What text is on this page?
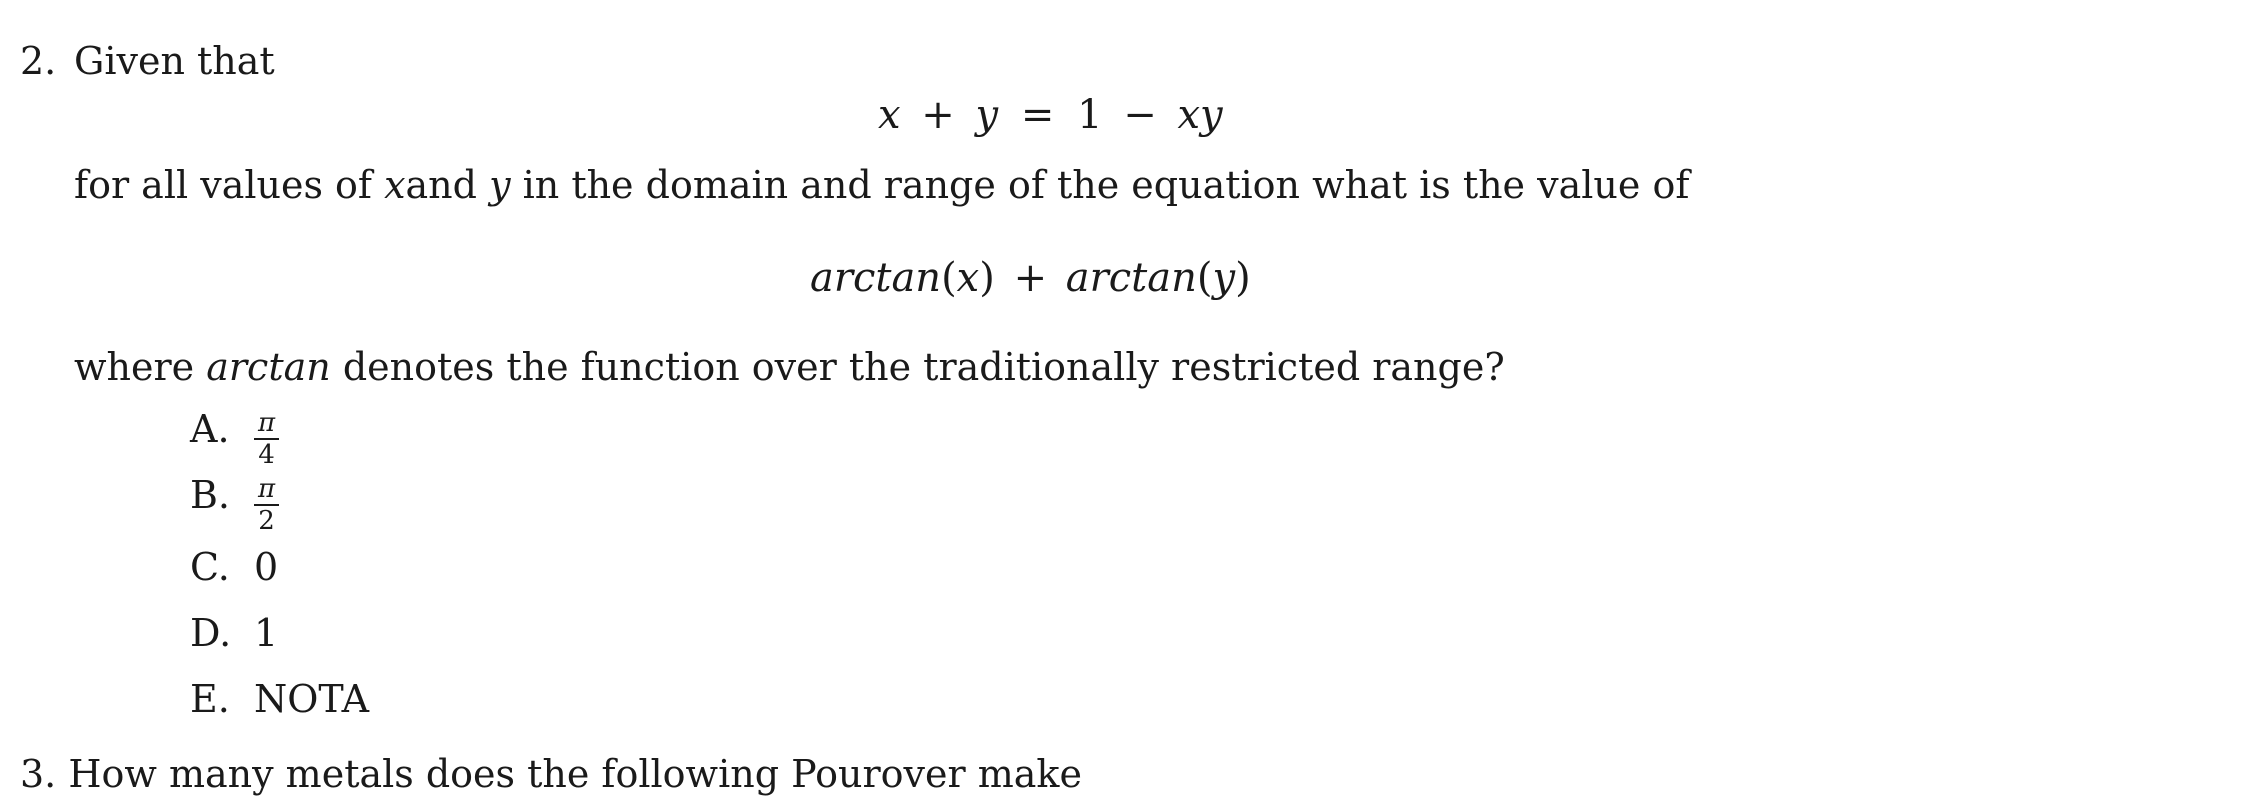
2. Given that
x + y = 1 − xy
for all values of xand y in the domain and range of the equation what is the value of
arctan(x) + arctan(y)
where arctan denotes the function over the traditionally restricted range?
A. $\frac{\pi}{4}$
B. $\frac{\pi}{2}$
C. 0
D. 1
E. NOTA
3. How many metals does the following Pourover make
